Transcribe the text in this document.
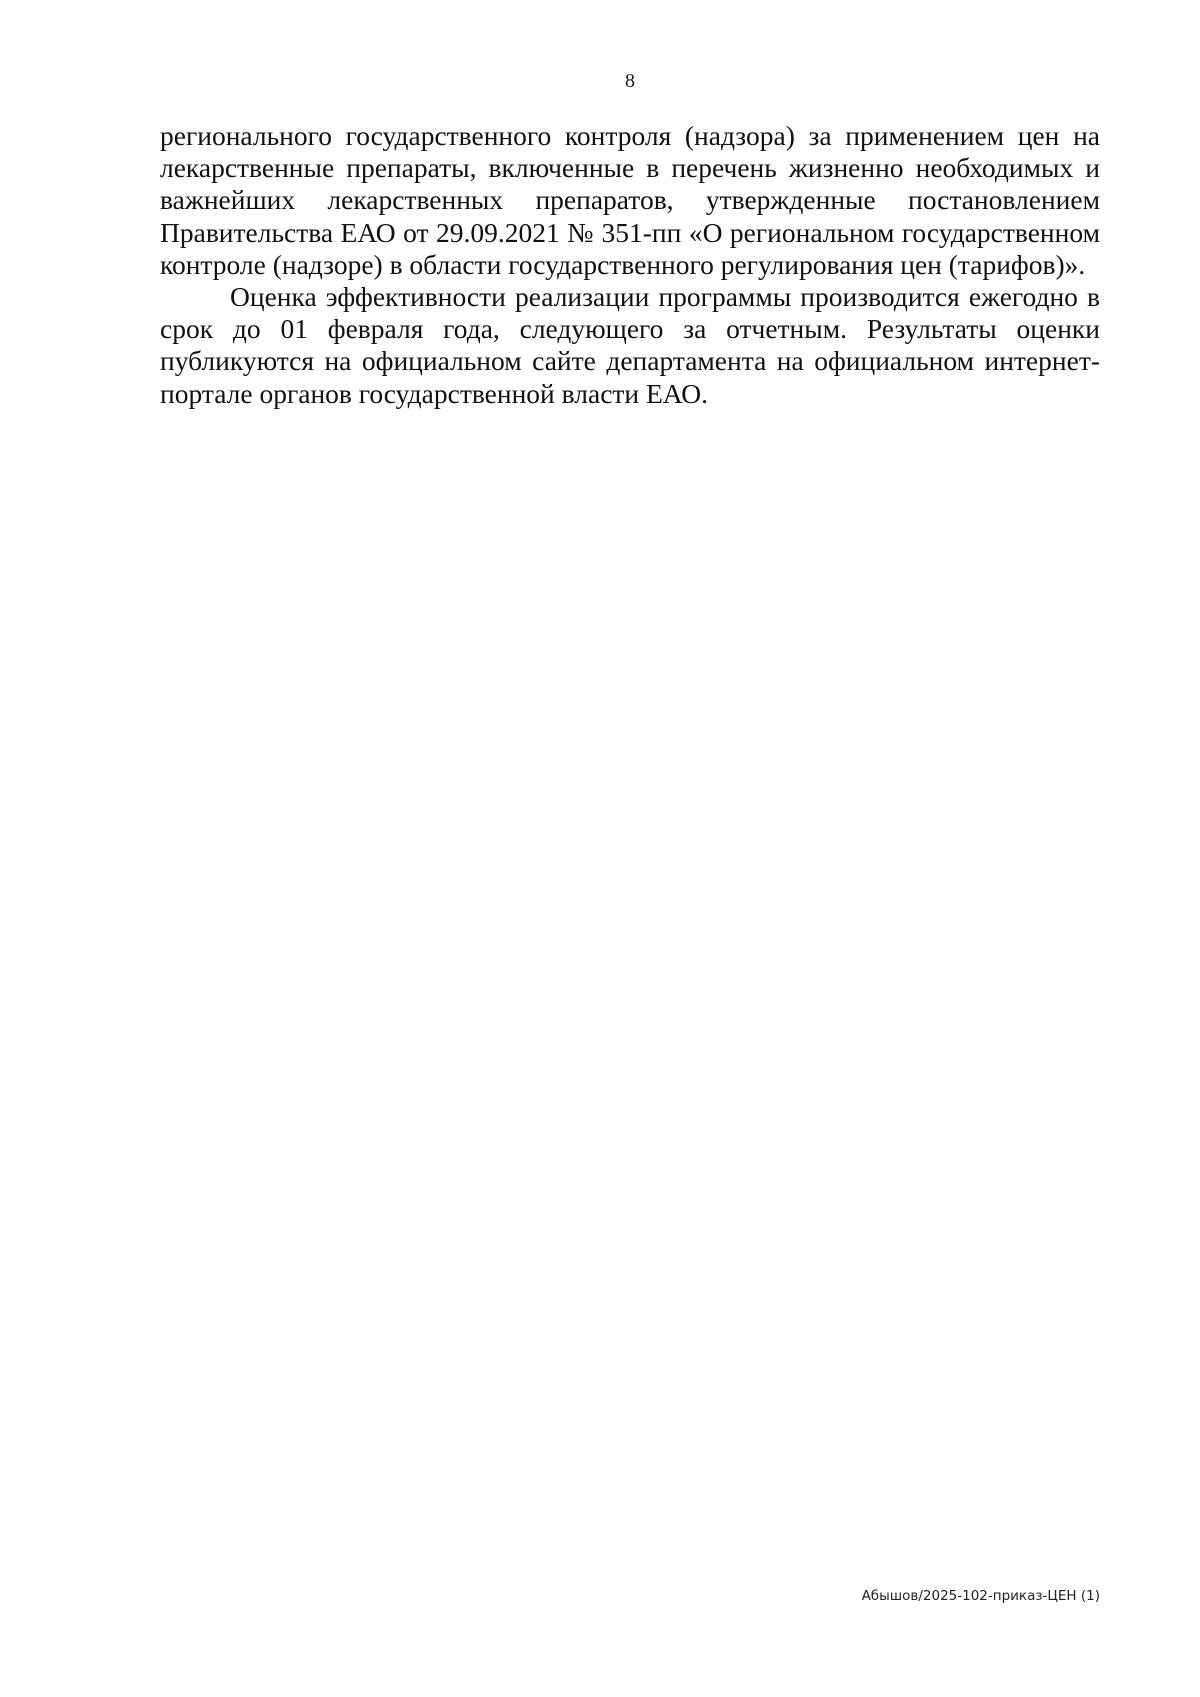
8

регионального государственного контроля (надзора) за применением цен на лекарственные препараты, включенные в перечень жизненно необходимых и важнейших лекарственных препаратов, утвержденные постановлением Правительства ЕАО от 29.09.2021 № 351-пп «О региональном государственном контроле (надзоре) в области государственного регулирования цен (тарифов)».

Оценка эффективности реализации программы производится ежегодно в срок до 01 февраля года, следующего за отчетным. Результаты оценки публикуются на официальном сайте департамента на официальном интернет-портале органов государственной власти ЕАО.

Абышов/2025-102-приказ-ЦЕН (1)
